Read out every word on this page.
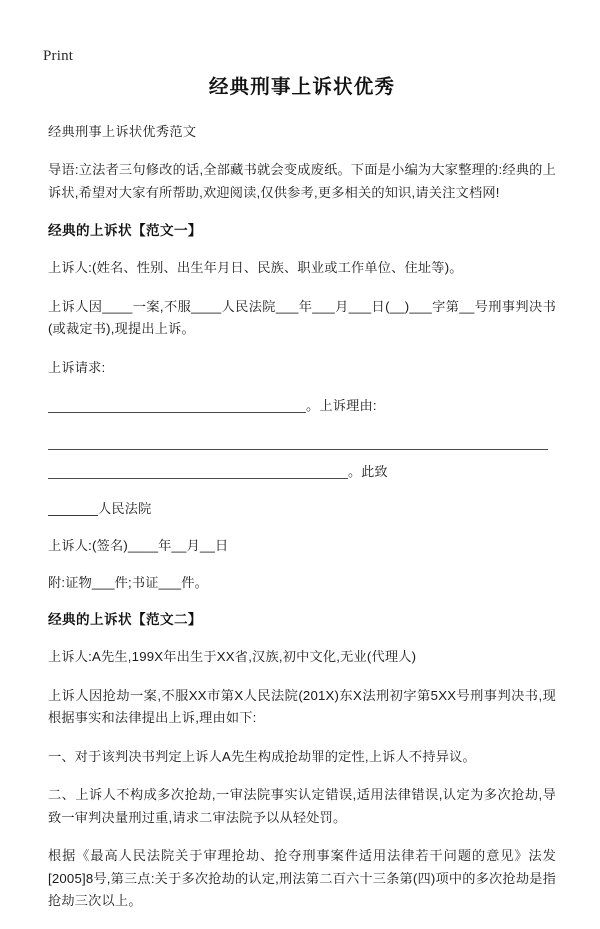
Print
经典刑事上诉状优秀
经典刑事上诉状优秀范文

导语:立法者三句修改的话,全部藏书就会变成废纸。下面是小编为大家整理的:经典的上诉状,希望对大家有所帮助,欢迎阅读,仅供参考,更多相关的知识,请关注文档网!

经典的上诉状【范文一】

上诉人:(姓名、性别、出生年月日、民族、职业或工作单位、住址等)。

上诉人因____一案,不服____人民法院___年___月___日(__)___字第__号刑事判决书(或裁定书),现提出上诉。

上诉请求:

。上诉理由:
。此致
人民法院
上诉人:(签名)____年__月__日
附:证物___件;书证___件。
经典的上诉状【范文二】

上诉人:A先生,199X年出生于XX省,汉族,初中文化,无业(代理人)

上诉人因抢劫一案,不服XX市第X人民法院(201X)东X法刑初字第5XX号刑事判决书,现根据事实和法律提出上诉,理由如下:

一、对于该判决书判定上诉人A先生构成抢劫罪的定性,上诉人不持异议。

二、上诉人不构成多次抢劫,一审法院事实认定错误,适用法律错误,认定为多次抢劫,导致一审判决量刑过重,请求二审法院予以从轻处罚。

根据《最高人民法院关于审理抢劫、抢夺刑事案件适用法律若干问题的意见》法发[2005]8号,第三点:关于多次抢劫的认定,刑法第二百六十三条第(四)项中的多次抢劫是指抢劫三次以上。
